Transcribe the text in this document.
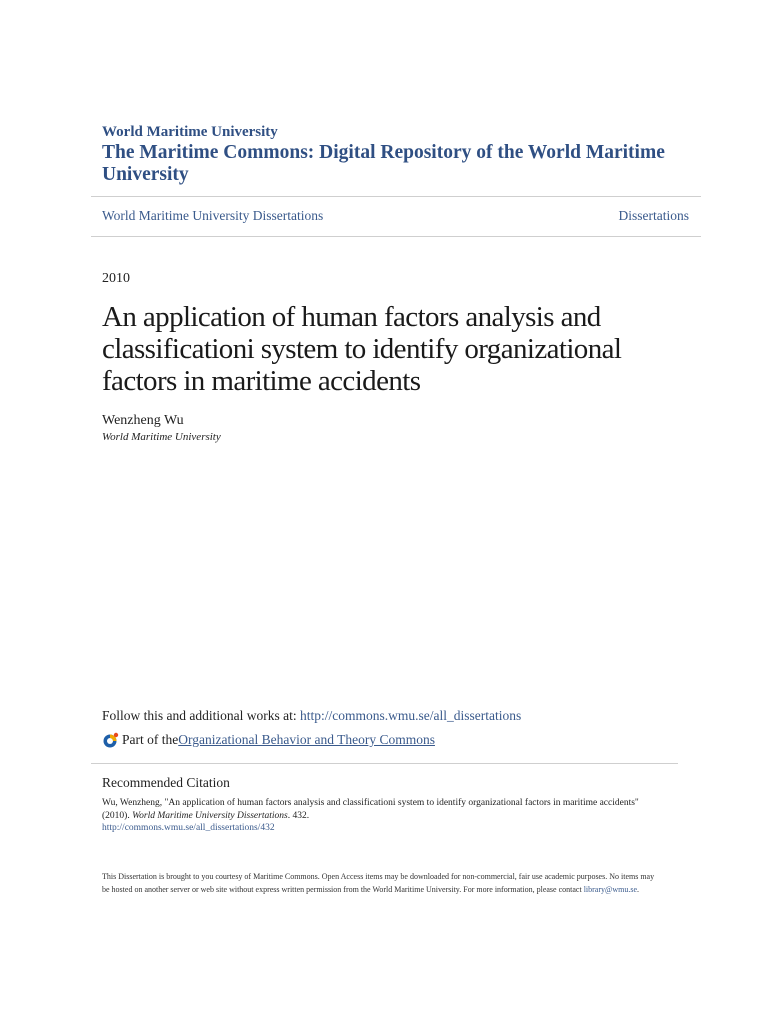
World Maritime University
The Maritime Commons: Digital Repository of the World Maritime University
World Maritime University Dissertations	Dissertations
2010
An application of human factors analysis and classificationi system to identify organizational factors in maritime accidents
Wenzheng Wu
World Maritime University
Follow this and additional works at: http://commons.wmu.se/all_dissertations
Part of the Organizational Behavior and Theory Commons
Recommended Citation
Wu, Wenzheng, "An application of human factors analysis and classificationi system to identify organizational factors in maritime accidents" (2010). World Maritime University Dissertations. 432.
http://commons.wmu.se/all_dissertations/432
This Dissertation is brought to you courtesy of Maritime Commons. Open Access items may be downloaded for non-commercial, fair use academic purposes. No items may be hosted on another server or web site without express written permission from the World Maritime University. For more information, please contact library@wmu.se.
